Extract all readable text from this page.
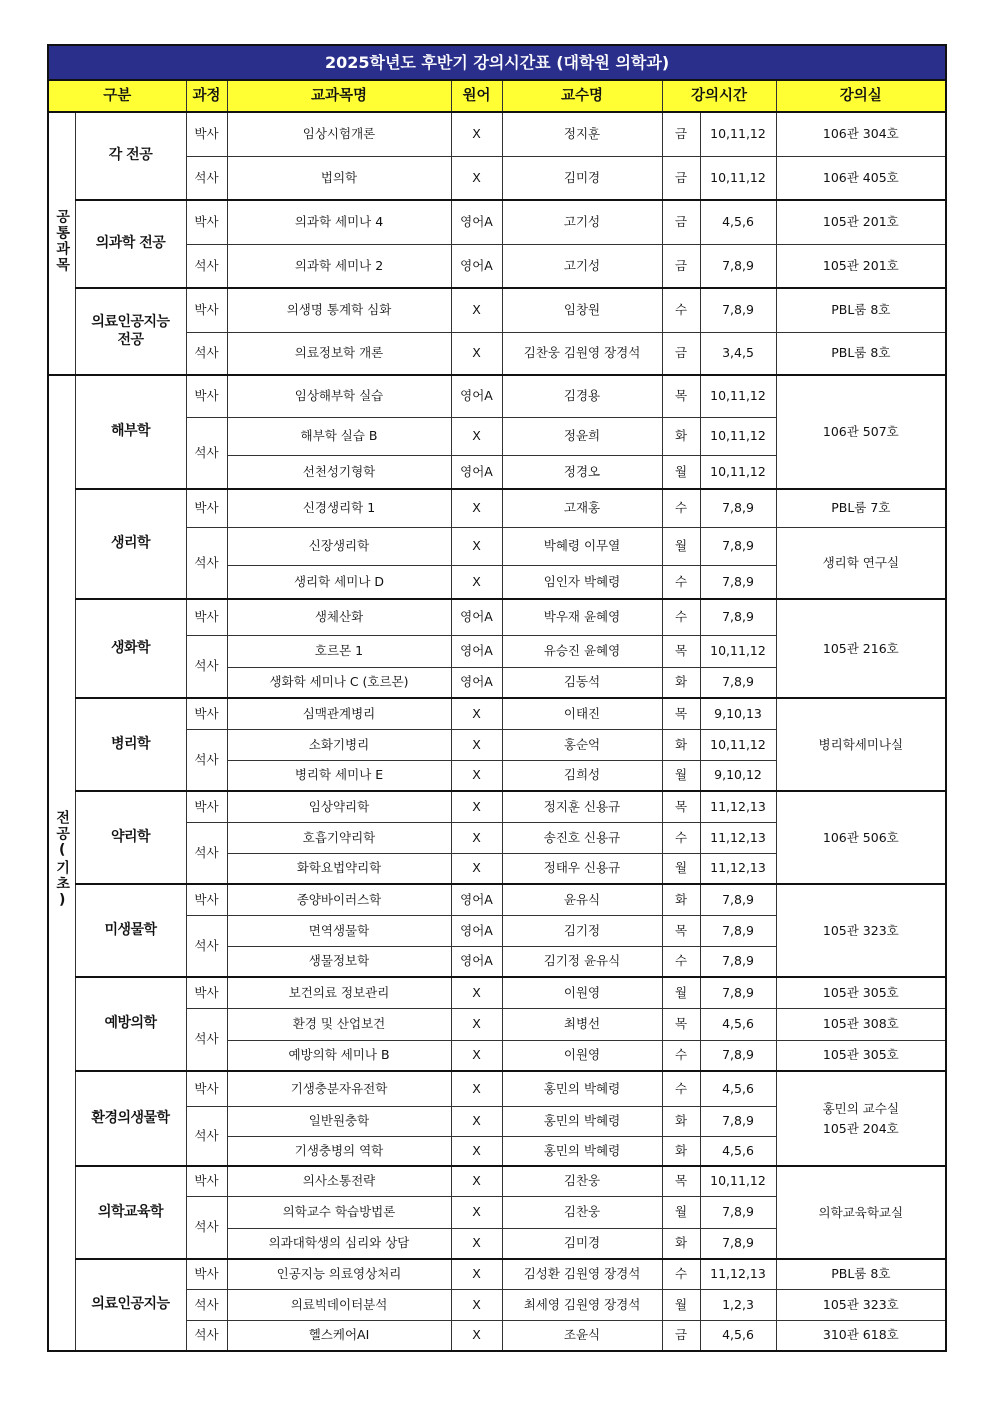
2025학년도 후반기 강의시간표 (대학원 의학과)								
구분		과정	교과목명	원어	교수명	강의시간		강의실
공통과목	각 전공	박사	임상시험개론	X	정지훈	금	10,11,12	106관 304호
		석사	법의학	X	김미경	금	10,11,12	106관 405호
	의과학 전공	박사	의과학 세미나 4	영어A	고기성	금	4,5,6	105관 201호
		석사	의과학 세미나 2	영어A	고기성	금	7,8,9	105관 201호
	의료인공지능 전공	박사	의생명 통계학 심화	X	임창원	수	7,8,9	PBL룸 8호
		석사	의료정보학 개론	X	김찬웅 김원영 장경석	금	3,4,5	PBL룸 8호
전공(기초)	해부학	박사	임상해부학 실습	영어A	김경용	목	10,11,12	106관 507호
		석사	해부학 실습 B	X	정윤희	화	10,11,12	
			선천성기형학	영어A	정경오	월	10,11,12	
	생리학	박사	신경생리학 1	X	고재홍	수	7,8,9	PBL룸 7호
		석사	신장생리학	X	박혜령 이무열	월	7,8,9	생리학 연구실
			생리학 세미나 D	X	임인자 박혜령	수	7,8,9	
	생화학	박사	생체산화	영어A	박우재 윤혜영	수	7,8,9	105관 216호
		석사	호르몬 1	영어A	유승진 윤혜영	목	10,11,12	
			생화학 세미나 C (호르몬)	영어A	김동석	화	7,8,9	
	병리학	박사	심맥관계병리	X	이태진	목	9,10,13	병리학세미나실
		석사	소화기병리	X	홍순억	화	10,11,12	
			병리학 세미나 E	X	김희성	월	9,10,12	
	약리학	박사	임상약리학	X	정지훈 신용규	목	11,12,13	106관 506호
		석사	호흡기약리학	X	송진호 신용규	수	11,12,13	
			화학요법약리학	X	정태우 신용규	월	11,12,13	
	미생물학	박사	종양바이러스학	영어A	윤유식	화	7,8,9	105관 323호
		석사	면역생물학	영어A	김기정	목	7,8,9	
			생물정보학	영어A	김기정 윤유식	수	7,8,9	
	예방의학	박사	보건의료 정보관리	X	이원영	월	7,8,9	105관 305호
		석사	환경 및 산업보건	X	최병선	목	4,5,6	105관 308호
			예방의학 세미나 B	X	이원영	수	7,8,9	105관 305호
	환경의생물학	박사	기생충분자유전학	X	홍민의 박혜령	수	4,5,6	홍민의 교수실
105관 204호

		석사	일반원충학	X	홍민의 박혜령	화	7,8,9	
			기생충병의 역학	X	홍민의 박혜령	화	4,5,6	
	의학교육학	박사	의사소통전략	X	김찬웅	목	10,11,12	의학교육학교실
		석사	의학교수 학습방법론	X	김찬웅	월	7,8,9	
			의과대학생의 심리와 상담	X	김미경	화	7,8,9	
	의료인공지능	박사	인공지능 의료영상처리	X	김성환 김원영 장경석	수	11,12,13	PBL룸 8호
		석사	의료빅데이터분석	X	최세영 김원영 장경석	월	1,2,3	105관 323호
		석사	헬스케어AI	X	조윤식	금	4,5,6	310관 618호
